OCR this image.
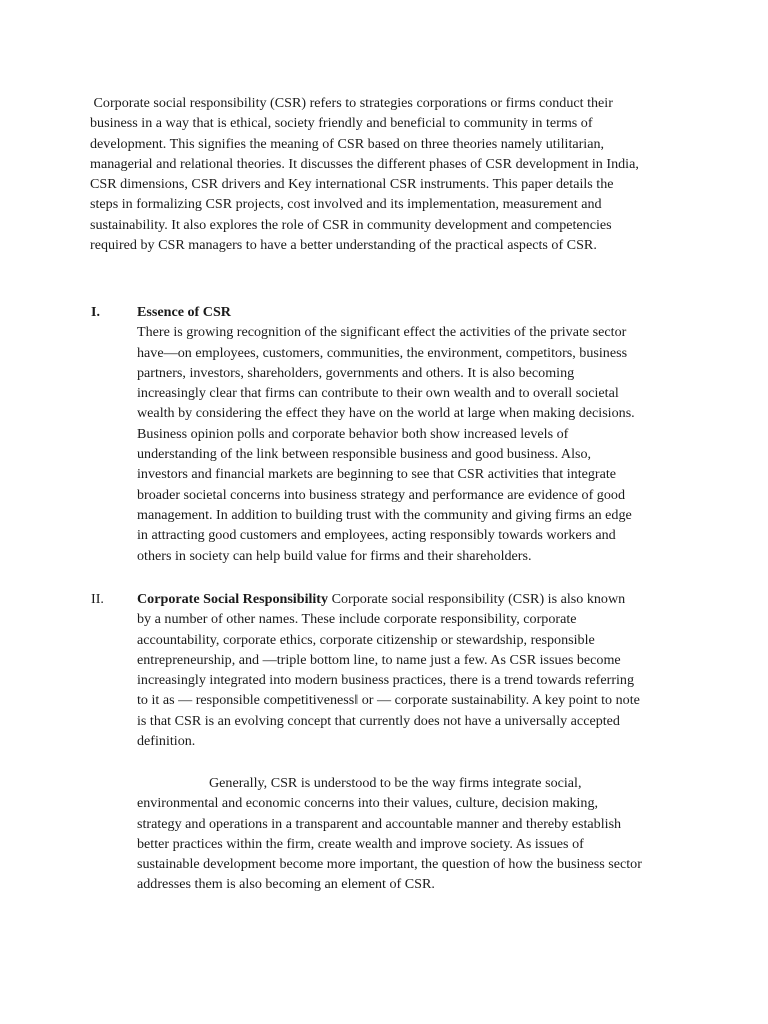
Corporate social responsibility (CSR) refers to strategies corporations or firms conduct their
business in a way that is ethical, society friendly and beneficial to community in terms of
development. This signifies the meaning of CSR based on three theories namely utilitarian,
managerial and relational theories. It discusses the different phases of CSR development in India,
CSR dimensions, CSR drivers and Key international CSR instruments. This paper details the
steps in formalizing CSR projects, cost involved and its implementation, measurement and
sustainability. It also explores the role of CSR in community development and competencies
required by CSR managers to have a better understanding of the practical aspects of CSR.
I.	Essence of CSR
There is growing recognition of the significant effect the activities of the private sector
have—on employees, customers, communities, the environment, competitors, business
partners, investors, shareholders, governments and others. It is also becoming
increasingly clear that firms can contribute to their own wealth and to overall societal
wealth by considering the effect they have on the world at large when making decisions.
Business opinion polls and corporate behavior both show increased levels of
understanding of the link between responsible business and good business. Also,
investors and financial markets are beginning to see that CSR activities that integrate
broader societal concerns into business strategy and performance are evidence of good
management. In addition to building trust with the community and giving firms an edge
in attracting good customers and employees, acting responsibly towards workers and
others in society can help build value for firms and their shareholders.
II. Corporate Social Responsibility Corporate social responsibility (CSR) is also known
by a number of other names. These include corporate responsibility, corporate
accountability, corporate ethics, corporate citizenship or stewardship, responsible
entrepreneurship, and ―triple bottom line, to name just a few. As CSR issues become
increasingly integrated into modern business practices, there is a trend towards referring
to it as ― responsible competitiveness‖ or ― corporate sustainability. A key point to note
is that CSR is an evolving concept that currently does not have a universally accepted
definition.
Generally, CSR is understood to be the way firms integrate social,
environmental and economic concerns into their values, culture, decision making,
strategy and operations in a transparent and accountable manner and thereby establish
better practices within the firm, create wealth and improve society. As issues of
sustainable development become more important, the question of how the business sector
addresses them is also becoming an element of CSR.
